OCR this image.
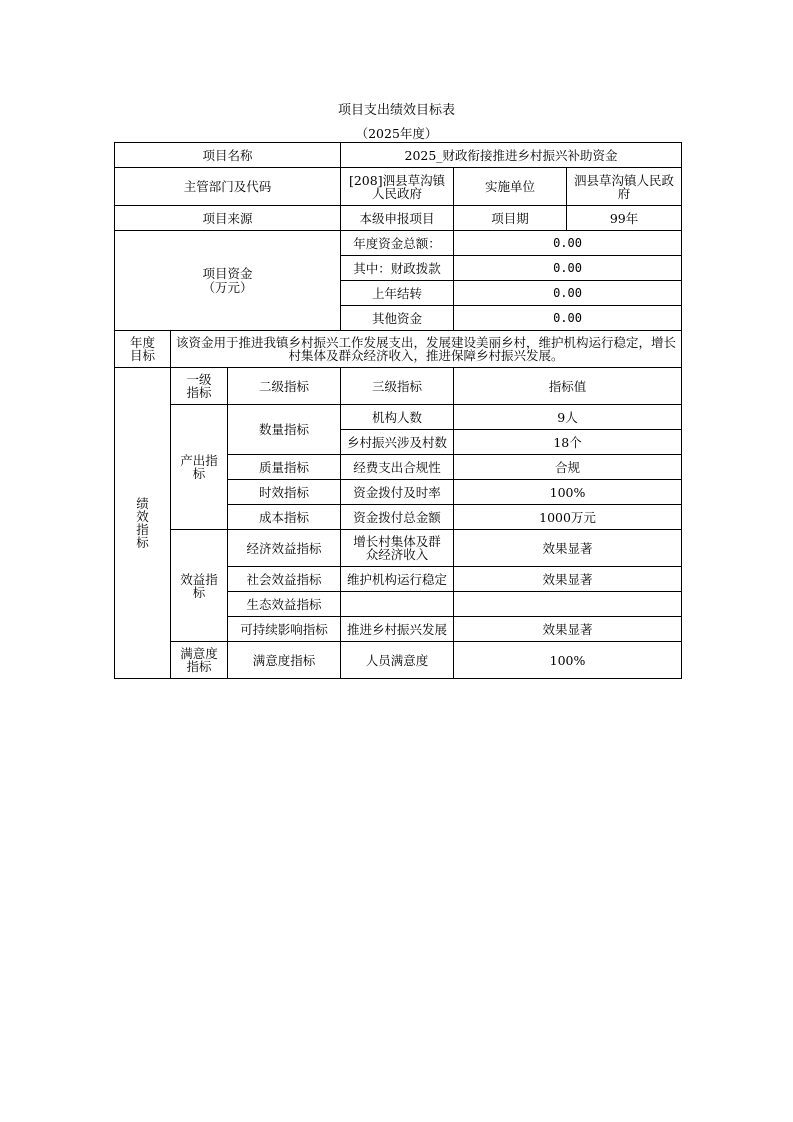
项目支出绩效目标表
（2025年度）
项目名称			2025_财政衔接推进乡村振兴补助资金		
主管部门及代码			[208]泗县草沟镇人民政府	实施单位	泗县草沟镇人民政府
项目来源			本级申报项目	项目期	99年

项目资金（万元）			年度资金总额：	0.00	
			其中：财政拨款	0.00	
			上年结转	0.00	
			其他资金	0.00	

年度目标	该资金用于推进我镇乡村振兴工作发展支出，发展建设美丽乡村，维护机构运行稳定，增长村集体及群众经济收入，推进保障乡村振兴发展。				

绩效指标	一级指标	二级指标	三级指标	指标值	

	产出指标	数量指标	机构人数	9人	
			乡村振兴涉及村数	18个	
		质量指标	经费支出合规性	合规	
		时效指标	资金拨付及时率	100%	
		成本指标	资金拨付总金额	1000万元	

	效益指标	经济效益指标	增长村集体及群众经济收入	效果显著	
		社会效益指标	维护机构运行稳定	效果显著	
		生态效益指标			
		可持续影响指标	推进乡村振兴发展	效果显著	

	满意度指标	满意度指标	人员满意度	100%	
